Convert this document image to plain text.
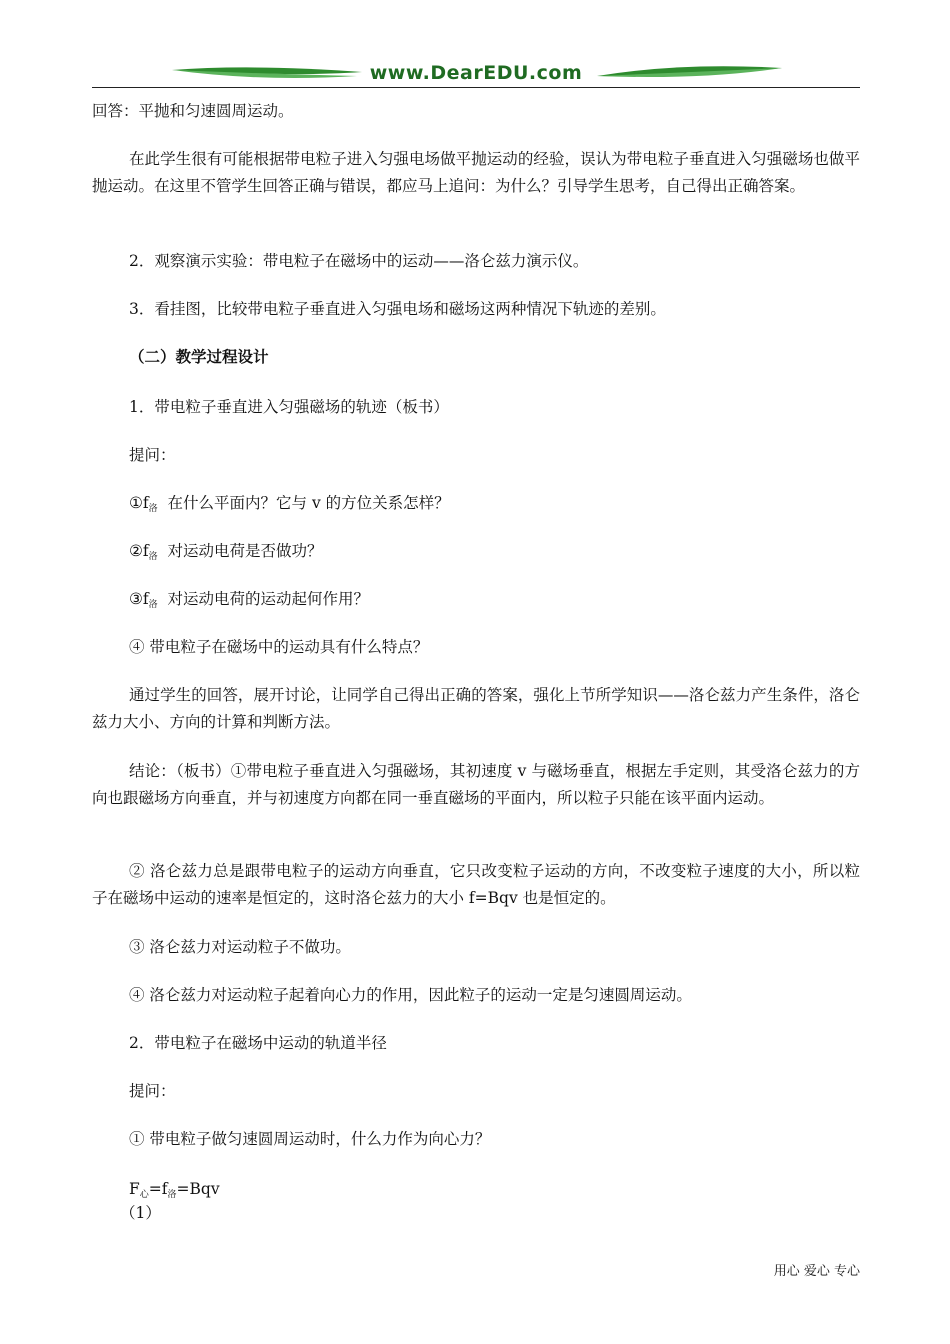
www.DearEDU.com

回答：平抛和匀速圆周运动。

在此学生很有可能根据带电粒子进入匀强电场做平抛运动的经验，误认为带电粒子垂直进入匀强磁场也做平抛运动。在这里不管学生回答正确与错误，都应马上追问：为什么？引导学生思考，自己得出正确答案。

2．观察演示实验：带电粒子在磁场中的运动——洛仑兹力演示仪。

3．看挂图，比较带电粒子垂直进入匀强电场和磁场这两种情况下轨迹的差别。

（二）教学过程设计

1．带电粒子垂直进入匀强磁场的轨迹（板书）

提问：

$①f_洛$ 在什么平面内？它与 v 的方位关系怎样？

$②f_洛$ 对运动电荷是否做功？

$③f_洛$ 对运动电荷的运动起何作用？

④ 带电粒子在磁场中的运动具有什么特点？

通过学生的回答，展开讨论，让同学自己得出正确的答案，强化上节所学知识——洛仑兹力产生条件，洛仑兹力大小、方向的计算和判断方法。

结论：（板书）①带电粒子垂直进入匀强磁场，其初速度 v 与磁场垂直，根据左手定则，其受洛仑兹力的方向也跟磁场方向垂直，并与初速度方向都在同一垂直磁场的平面内，所以粒子只能在该平面内运动。

② 洛仑兹力总是跟带电粒子的运动方向垂直，它只改变粒子运动的方向，不改变粒子速度的大小，所以粒子在磁场中运动的速率是恒定的，这时洛仑兹力的大小 f=Bqv 也是恒定的。

③ 洛仑兹力对运动粒子不做功。

④ 洛仑兹力对运动粒子起着向心力的作用，因此粒子的运动一定是匀速圆周运动。

2．带电粒子在磁场中运动的轨道半径

提问：

① 带电粒子做匀速圆周运动时，什么力作为向心力？

$F_心=f_洛=Bqv$

（1）

用心 爱心 专心
